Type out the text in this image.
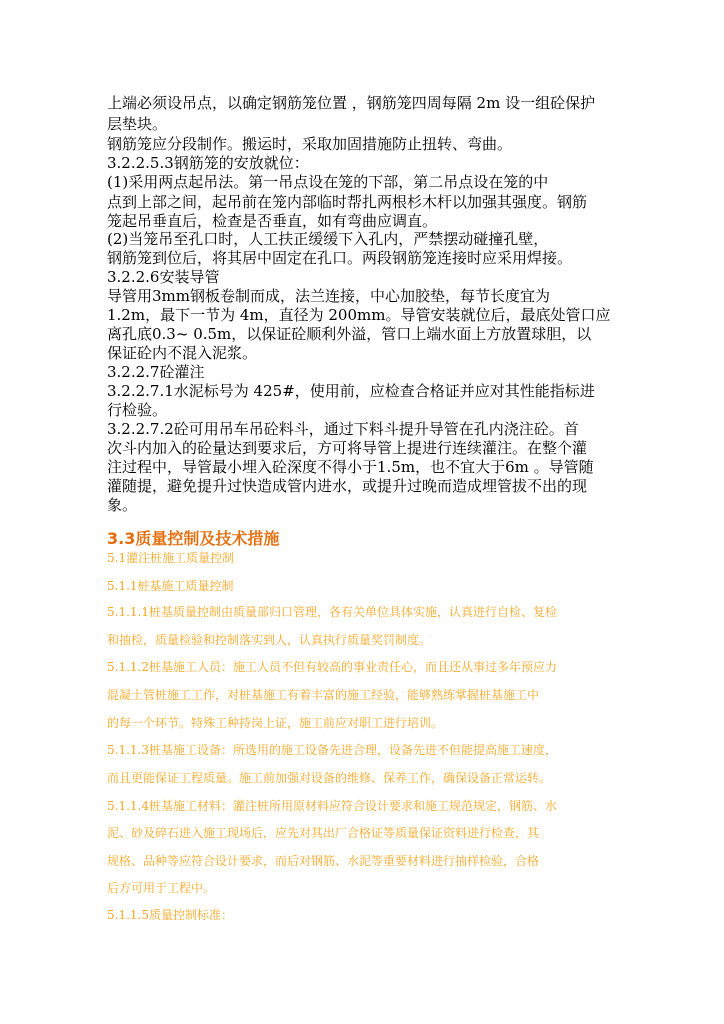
上端必须设吊点，以确定钢筋笼位置 ，钢筋笼四周每隔 2m 设一组砼保护
层垫块。
钢筋笼应分段制作。搬运时，采取加固措施防止扭转、弯曲。
3.2.2.5.3钢筋笼的安放就位：
(1)采用两点起吊法。第一吊点设在笼的下部，第二吊点设在笼的中
点到上部之间，起吊前在笼内部临时帮扎两根杉木杆以加强其强度。钢筋
笼起吊垂直后，检查是否垂直，如有弯曲应调直。
(2)当笼吊至孔口时，人工扶正缓缓下入孔内，严禁摆动碰撞孔壁，
钢筋笼到位后，将其居中固定在孔口。两段钢筋笼连接时应采用焊接。
3.2.2.6安装导管
导管用3mm钢板卷制而成，法兰连接，中心加胶垫，每节长度宜为
1.2m，最下一节为 4m，直径为 200mm。导管安装就位后，最底处管口应
离孔底0.3~ 0.5m，以保证砼顺利外溢，管口上端水面上方放置球胆，以
保证砼内不混入泥浆。
3.2.2.7砼灌注
3.2.2.7.1水泥标号为 425#，使用前，应检查合格证并应对其性能指标进
行检验。
3.2.2.7.2砼可用吊车吊砼料斗，通过下料斗提升导管在孔内浇注砼。首
次斗内加入的砼量达到要求后，方可将导管上提进行连续灌注。在整个灌
注过程中，导管最小埋入砼深度不得小于1.5m，也不宜大于6m 。导管随
灌随提，避免提升过快造成管内进水，或提升过晚而造成埋管拔不出的现
象。
3.3质量控制及技术措施
5.1灌注桩施工质量控制
5.1.1桩基施工质量控制
5.1.1.1桩基质量控制由质量部归口管理，各有关单位具体实施，认真进行自检、复检
和抽检，质量检验和控制落实到人，认真执行质量奖罚制度。
5.1.1.2桩基施工人员：施工人员不但有较高的事业责任心，而且还从事过多年预应力
混凝土管桩施工工作，对桩基施工有着丰富的施工经验，能够熟练掌握桩基施工中
的每一个环节。特殊工种持岗上证，施工前应对职工进行培训。
5.1.1.3桩基施工设备：所选用的施工设备先进合理，设备先进不但能提高施工速度，
而且更能保证工程质量。施工前加强对设备的维修、保养工作，确保设备正常运转。
5.1.1.4桩基施工材料：灌注桩所用原材料应符合设计要求和施工规范规定，钢筋、水
泥、砂及碎石进入施工现场后，应先对其出厂合格证等质量保证资料进行检查，其
规格、品种等应符合设计要求，而后对钢筋、水泥等重要材料进行抽样检验，合格
后方可用于工程中。
5.1.1.5质量控制标准：
